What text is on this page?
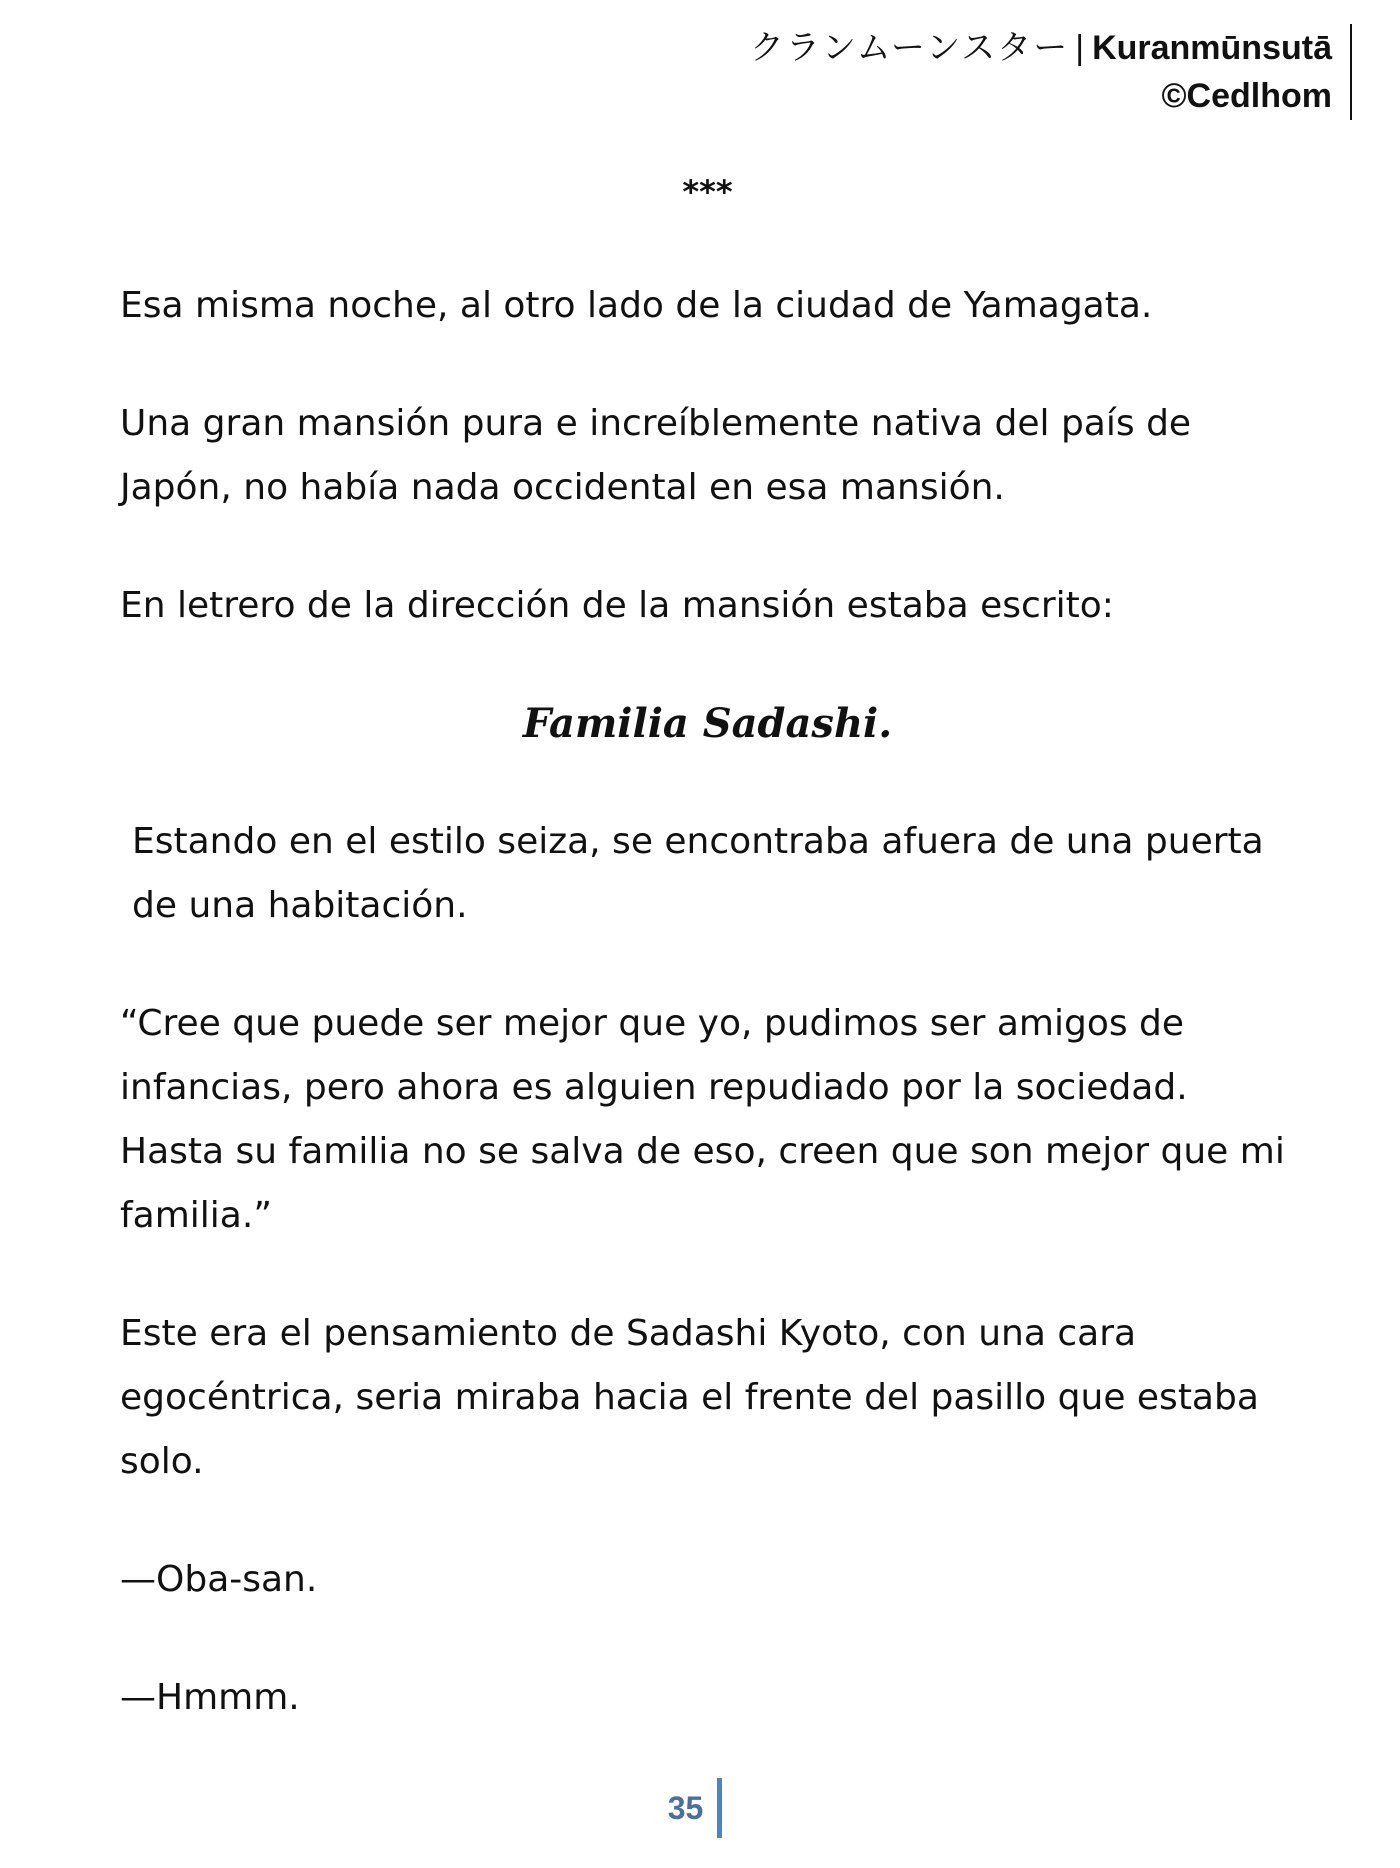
クランムーンスター | Kuranmūnsutā
©Cedlhom

***

Esa misma noche, al otro lado de la ciudad de Yamagata.

Una gran mansión pura e increíblemente nativa del país de Japón, no había nada occidental en esa mansión.

En letrero de la dirección de la mansión estaba escrito:

Familia Sadashi.

Estando en el estilo seiza, se encontraba afuera de una puerta de una habitación.

“Cree que puede ser mejor que yo, pudimos ser amigos de infancias, pero ahora es alguien repudiado por la sociedad. Hasta su familia no se salva de eso, creen que son mejor que mi familia.”

Este era el pensamiento de Sadashi Kyoto, con una cara egocéntrica, seria miraba hacia el frente del pasillo que estaba solo.

—Oba-san.

—Hmmm.

35
